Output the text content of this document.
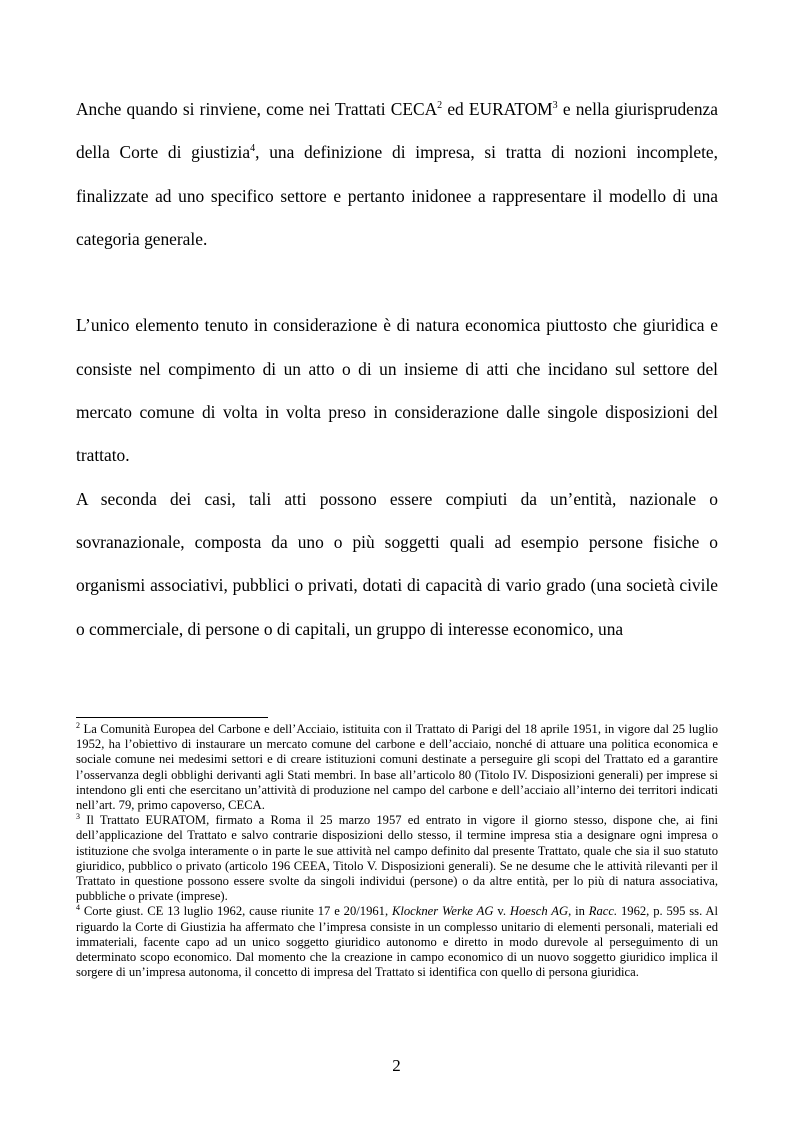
Anche quando si rinviene, come nei Trattati CECA$^2$ ed EURATOM$^3$ e nella giurisprudenza della Corte di giustizia$^4$, una definizione di impresa, si tratta di nozioni incomplete, finalizzate ad uno specifico settore e pertanto inidonee a rappresentare il modello di una categoria generale.

L’unico elemento tenuto in considerazione è di natura economica piuttosto che giuridica e consiste nel compimento di un atto o di un insieme di atti che incidano sul settore del mercato comune di volta in volta preso in considerazione dalle singole disposizioni del trattato.

A seconda dei casi, tali atti possono essere compiuti da un’entità, nazionale o sovranazionale, composta da uno o più soggetti quali ad esempio persone fisiche o organismi associativi, pubblici o privati, dotati di capacità di vario grado (una società civile o commerciale, di persone o di capitali, un gruppo di interesse economico, una

$^2$ La Comunità Europea del Carbone e dell’Acciaio, istituita con il Trattato di Parigi del 18 aprile 1951, in vigore dal 25 luglio 1952, ha l’obiettivo di instaurare un mercato comune del carbone e dell’acciaio, nonché di attuare una politica economica e sociale comune nei medesimi settori e di creare istituzioni comuni destinate a perseguire gli scopi del Trattato ed a garantire l’osservanza degli obblighi derivanti agli Stati membri. In base all’articolo 80 (Titolo IV. Disposizioni generali) per imprese si intendono gli enti che esercitano un’attività di produzione nel campo del carbone e dell’acciaio all’interno dei territori indicati nell’art. 79, primo capoverso, CECA.

$^3$ Il Trattato EURATOM, firmato a Roma il 25 marzo 1957 ed entrato in vigore il giorno stesso, dispone che, ai fini dell’applicazione del Trattato e salvo contrarie disposizioni dello stesso, il termine impresa stia a designare ogni impresa o istituzione che svolga interamente o in parte le sue attività nel campo definito dal presente Trattato, quale che sia il suo statuto giuridico, pubblico o privato (articolo 196 CEEA, Titolo V. Disposizioni generali). Se ne desume che le attività rilevanti per il Trattato in questione possono essere svolte da singoli individui (persone) o da altre entità, per lo più di natura associativa, pubbliche o private (imprese).

$^4$ Corte giust. CE 13 luglio 1962, cause riunite 17 e 20/1961, Klockner Werke AG v. Hoesch AG, in Racc. 1962, p. 595 ss. Al riguardo la Corte di Giustizia ha affermato che l’impresa consiste in un complesso unitario di elementi personali, materiali ed immateriali, facente capo ad un unico soggetto giuridico autonomo e diretto in modo durevole al perseguimento di un determinato scopo economico. Dal momento che la creazione in campo economico di un nuovo soggetto giuridico implica il sorgere di un’impresa autonoma, il concetto di impresa del Trattato si identifica con quello di persona giuridica.

2
